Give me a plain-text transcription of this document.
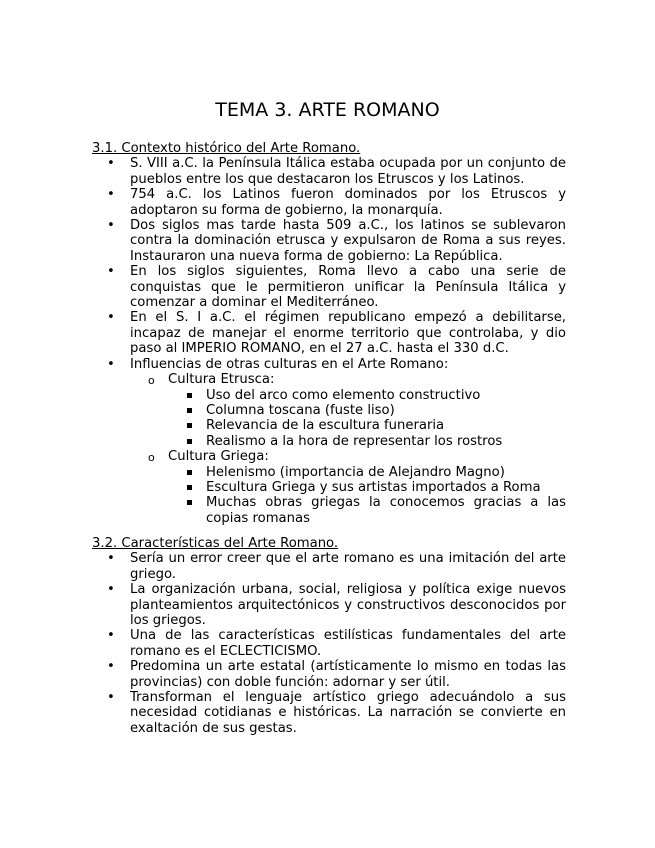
TEMA 3. ARTE ROMANO

3.1. Contexto histórico del Arte Romano.

• S. VIII a.C. la Península Itálica estaba ocupada por un conjunto de pueblos entre los que destacaron los Etruscos y los Latinos.
• 754 a.C. los Latinos fueron dominados por los Etruscos y adoptaron su forma de gobierno, la monarquía.
• Dos siglos mas tarde hasta 509 a.C., los latinos se sublevaron contra la dominación etrusca y expulsaron de Roma a sus reyes. Instauraron una nueva forma de gobierno: La República.
• En los siglos siguientes, Roma llevo a cabo una serie de conquistas que le permitieron unificar la Península Itálica y comenzar a dominar el Mediterráneo.
• En el S. I a.C. el régimen republicano empezó a debilitarse, incapaz de manejar el enorme territorio que controlaba, y dio paso al IMPERIO ROMANO, en el 27 a.C. hasta el 330 d.C.
• Influencias de otras culturas en el Arte Romano:
o Cultura Etrusca:
Uso del arco como elemento constructivo
Columna toscana (fuste liso)
Relevancia de la escultura funeraria
Realismo a la hora de representar los rostros
o Cultura Griega:
Helenismo (importancia de Alejandro Magno)
Escultura Griega y sus artistas importados a Roma
Muchas obras griegas la conocemos gracias a las copias romanas

3.2. Características del Arte Romano.

• Sería un error creer que el arte romano es una imitación del arte griego.
• La organización urbana, social, religiosa y política exige nuevos planteamientos arquitectónicos y constructivos desconocidos por los griegos.
• Una de las características estilísticas fundamentales del arte romano es el ECLECTICISMO.
• Predomina un arte estatal (artísticamente lo mismo en todas las provincias) con doble función: adornar y ser útil.
• Transforman el lenguaje artístico griego adecuándolo a sus necesidad cotidianas e históricas. La narración se convierte en exaltación de sus gestas.
